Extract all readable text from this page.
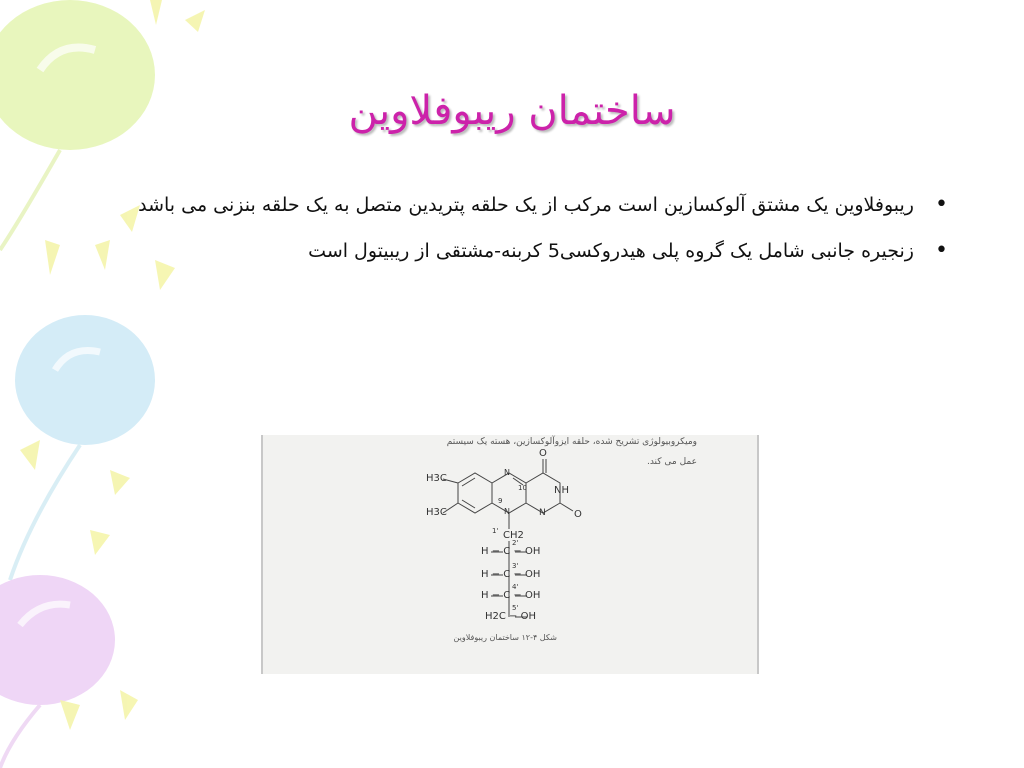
ساختمان ریبوفلاوین
•
ریبوفلاوین یک مشتق آلوکسازین است مرکب از یک حلقه پتریدین متصل به یک حلقه بنزنی می باشد
•
زنجیره جانبی شامل یک گروه پلی هیدروکسی5 کربنه-مشتقی از ریبیتول است
ومیکروبیولوژی تشریح شده، حلقه ایزوآلوکسازین، هسته یک سیستم
عمل می کند.
H3C
H3C
N
10
N
9
O
NH
N	O
1' CH2
H − C − OH
2'
H − C − OH
3'
H − C − OH
4'
H2C − OH
5'
شکل ۴-۱۲ ساختمان ریبوفلاوین
